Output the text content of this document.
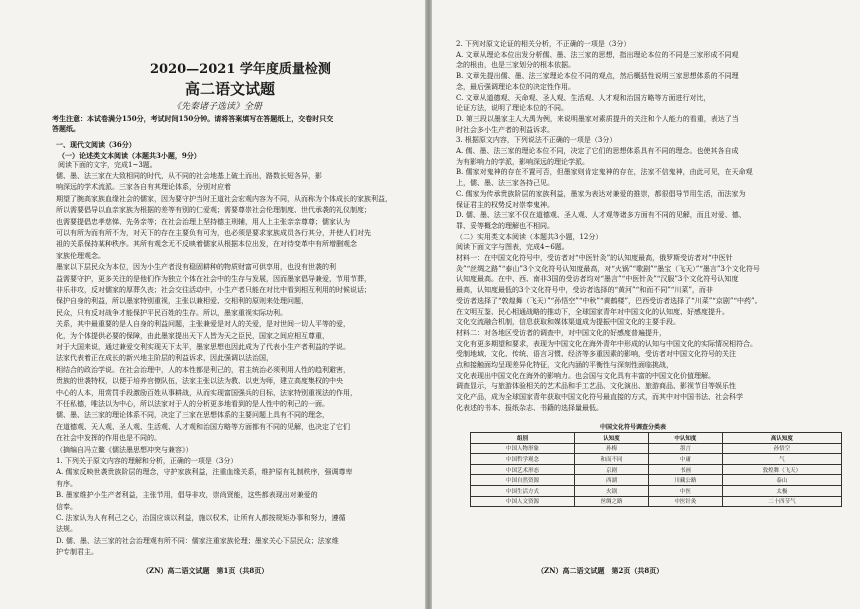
2020—2021 学年度质量检测
高二语文试题
《先秦诸子选读》全册
考生注意：本试卷满分150分，考试时间150分钟。请将答案填写在答题纸上，交卷时只交
答题纸。
一、现代文阅读（36分）
（一）论述类文本阅读（本题共3小题，9分）
阅读下面的文字，完成1~3题。
儒、墨、法三家在大致相同的时代，从不同的社会地基上破土而出，路数长短各异，影
响深远的学术流派。三家各自有其理论体系，分别对应着
期望了腕高家族血缘社会的儒家，因为要守护当时王道社会宏观内容为不同，从而称为个体成长的家族利益，
所以需要倡导以血亲家族为根据的差等有别的仁爱观；需要尊崇社会伦理制度、世代承袭的礼仪制度；
也需要提倡忠孝慈悌、先务亲等；在社会治理上坚持德主刑辅，用人上主张亲亲尊尊；儒家认为
可以有所为而有所不为，对天下的存在主要负有可为，也必须是要求家族成员各行其分，并使人们对先
祖的关系保持某种秩序。其所有观念无不反映着儒家从根据本位出发，在对待变革中有所增删观念
家族伦理观念。
墨家以下层民众为本位，因为小生产者没有稳固耕种的物质财富可供享用，也没有世袭的利
益需要守护，更多关注的是他们作为独立个体在社会中的生存与发展，因而墨家倡导兼爱，节用节葬，
非乐非攻，反对儒家的厚葬久丧；社会交往活动中，小生产者只能在对比中看到相互利用的时候说话；
保护自身的利益，所以墨家特别重视，主张以兼相爱、交相利的原则来处理问题，
民众，只有反对战争才能保护平民百姓的生存。所以，墨家重视实际功利。
关系，其中最重要的是人自身的利益问题，主张兼爱是对人的关爱，是对世间一切人平等的爱，
化，为个体提供必要的保障，由此墨家提出天下人皆为天之臣民，国家之间应相互尊重，
对于大国来说，通过兼爱交利实现天下太平，墨家思想也因此成为了代表小生产者利益的学说。
法家代表着正在成长的新兴地主阶层的利益诉求，因此强调以法治国，
相结合的政治学说。在社会治理中，人的本性都是利己的，君主统治必须利用人性的趋利避害，
贵族的世袭特权，以便于培养官僚队伍，法家主张以法为教、以吏为师，建立高度集权的中央
中心的人本，用赏罚手段激励百姓从事耕战，从而实现富国强兵的目标，法家特别重视法的作用，
不任私德，唯法以为中心，所以法家对于人的分析更多地看到的是人性中的利己的一面。
儒、墨、法三家的理论体系不同，决定了三家在思想体系的主要问题上具有不同的理念，
在道德观、天人观、圣人观、生活观、人才观和治国方略等方面都有不同的见解，也决定了它们
在社会中发挥的作用也是不同的。
（摘编自冯立鳌《儒法墨思想冲突与兼容》）
1. 下列关于原文内容的理解和分析，正确的一项是（3分）
A. 儒家反映世袭贵族阶层的理念，守护家族利益，注重血缘关系，维护原有礼制秩序，强调尊卑
有序。
B. 墨家维护小生产者利益，主张节用，倡导非攻，崇尚贤能，这些都表现出对兼爱的
信奉。
C. 法家认为人有利己之心，治国应该以利益，施以权术，让所有人都按规矩办事和努力，遵循
法规。
D. 儒、墨、法三家的社会治理观有所不同：儒家注重家族伦理；墨家关心下层民众；法家维
护专制君主。
（ZN）高二语文试题　第1页（共8页）
2. 下列对原文论证的相关分析，不正确的一项是（3分）
A. 文章从理论本位出发分析儒、墨、法三家的思想，指出理论本位的不同是三家形成不同观
念的根由，也是三家划分的根本依据。
B. 文章先提出儒、墨、法三家理论本位不同的观点，然后概括性说明三家思想体系的不同理
念，最后强调理论本位的决定性作用。
C. 文章从道德观、天命观、圣人观、生活观、人才观和治国方略等方面进行对比，
论证方法，说明了理论本位的不同。
D. 第三段以墨家主人大禹为例，来说明墨家对素质提升的关注和个人能力的看重，表达了当
时社会多小生产者的利益诉求。
3. 根据原文内容，下列说法不正确的一项是（3分）
A. 儒、墨、法三家的理论本位不同，决定了它们的思想体系具有不同的理念。也使其各自成
为有影响力的学派，影响深远的理论学派。
B. 儒家对鬼神的存在不置可否，但墨家则肯定鬼神的存在，法家不信鬼神，由此可见，在天命观
上，儒、墨、法三家各持己见。
C. 儒家为传承贵族阶层的家族利益，墨家为表达对兼爱的推崇，都很倡导节用生活，而法家为
保证君主的权势反对崇奉鬼神。
D. 儒、墨、法三家不仅在道德观、圣人观、人才观等诸多方面有不同的见解，而且对爱、德、
罪、妥等概念的理解也不相同。
（二）实用类文本阅读（本题共3小题，12分）
阅读下面文字与图表，完成4~6题。
材料一：在中国文化符号中，受访者对“中医针灸”的认知度最高，俄罗斯受访者对“中医针
灸”“丝绸之路”“泰山”3个文化符号认知度最高，对“火锅”“歌剧”“墨宝（飞天）”“墨言”3个文化符号
认知度最高。在中、西、南非3国的受访者均对“墨言”“中医针灸”“汉服”3个文化符号认知度
最高，认知度最低的3个文化符号中，受访者选择的“黄河”“和而不同”“川菜”，而非
受访者选择了“敦煌舞（飞天）”“孙悟空”“中秋”“黄鹤楼”，巴西受访者选择了“川菜”“京剧”“中药”。
在文明互鉴、民心相通战略的推动下，全球国家青年对中国文化的认知度、好感度提升。
文化交流融合机制，信息获取和媒体渠道成为提振中国文化的主要手段。
材料二：对各地区受访者的调查中，对中国文化的好感度普遍提升，
文化有更多期望和要求，表现为中国文化在海外青年中形成的认知与中国文化的实际情况相符合。
受制地域、文化、传统、语言习惯、经济等多重因素的影响，受访者对中国文化符号的关注
点和接触面均呈现差异化特征，文化内涵的平衡性与深刻性面临挑战，
文化表现出中国文化在海外的影响力。也会国与文化具有丰富的中国文化价值理解。
调查显示，与旅游体验相关的艺术品和手工艺品、文化演出、旅游商品、影视节目等娱乐性
文化产品，成为全球国家青年获取中国文化符号最直接的方式，而其中对中国书法、社会科学
化表述的书本、报纸杂志、书籍的选择量最低。
（ZN）高二语文试题　第2页（共8页）
中国文化符号调查分类表
组别	认知度	中认知度	高认知度
中国人物形象	孙梅	墨言	孙悟空
中国哲学观念	和而不同	中庸	气
中国艺术形态	京剧	书画	敦煌舞（飞天）
中国自然资源	西湖	川藏公路	泰山
中国生活方式	火锅	中医	太极
中国人文资源	丝绸之路	中医针灸	二十四节气
